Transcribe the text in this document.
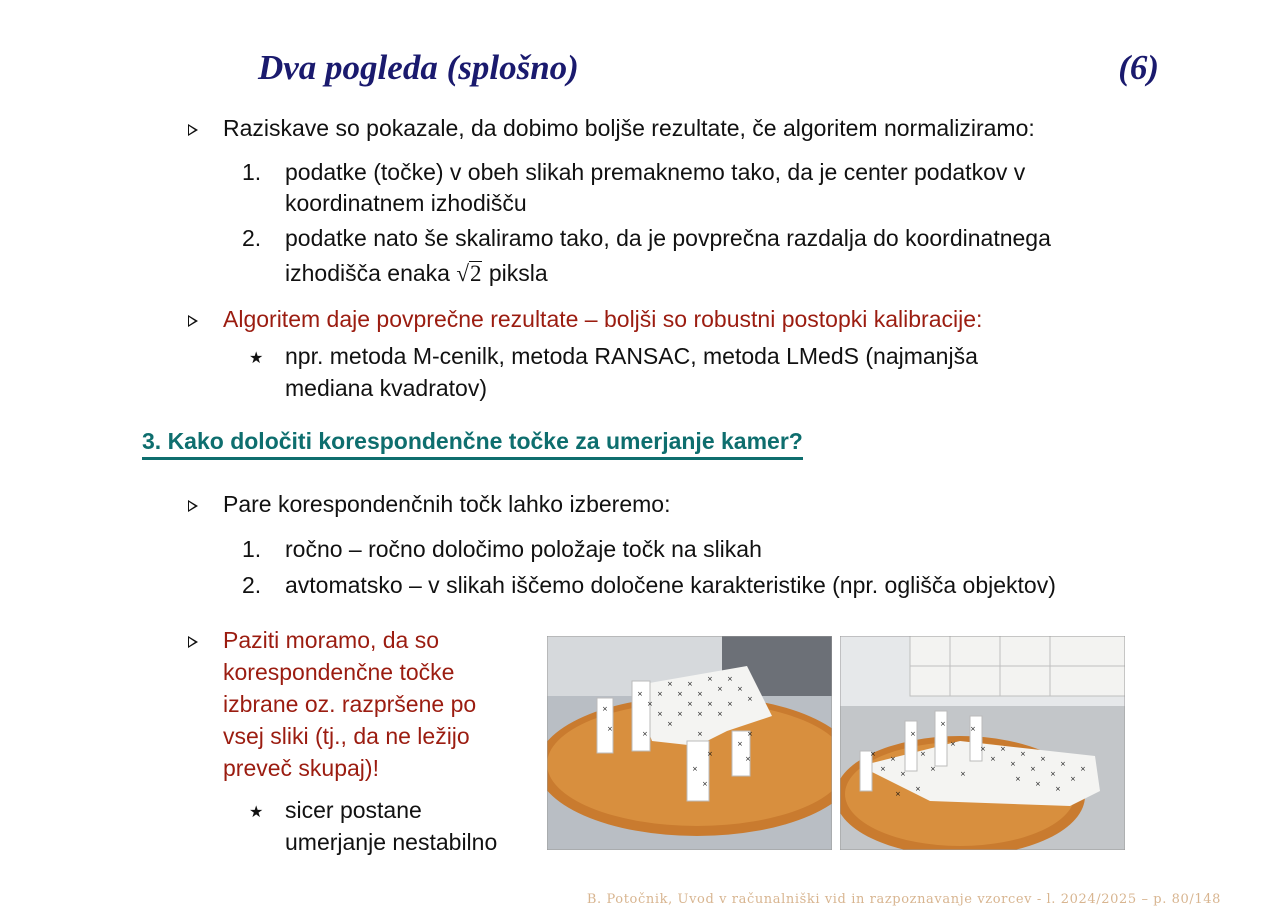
Dva pogleda (splošno)	(6)
Raziskave so pokazale, da dobimo boljše rezultate, če algoritem normaliziramo:
1. podatke (točke) v obeh slikah premaknemo tako, da je center podatkov v
koordinatnem izhodišču
2. podatke nato še skaliramo tako, da je povprečna razdalja do koordinatnega
izhodišča enaka √2 piksla
Algoritem daje povprečne rezultate – boljši so robustni postopki kalibracije:
★ npr. metoda M-cenilk, metoda RANSAC, metoda LMedS (najmanjša
mediana kvadratov)
3. Kako določiti korespondenčne točke za umerjanje kamer?
Pare korespondenčnih točk lahko izberemo:
1. ročno – ročno določimo položaje točk na slikah
2. avtomatsko – v slikah iščemo določene karakteristike (npr. oglišča objektov)
Paziti moramo, da so
korespondenčne točke
izbrane oz. razpršene po
vsej sliki (tj., da ne ležijo
preveč skupaj)!
★ sicer postane
umerjanje nestabilno
×
×
×
×
×
×
×
×
×
×
×
×
×
×
×
×
×
×
×
×
×
×
×
×
×
×
×
×
×	×
×
×
×
×
×
×
×
×
×
×
×
×
×
×
×
×
×
×
×
×
×
×
×
×
×
×
×
B. Potočnik, Uvod v računalniški vid in razpoznavanje vzorcev - l. 2024/2025 – p. 80/148
